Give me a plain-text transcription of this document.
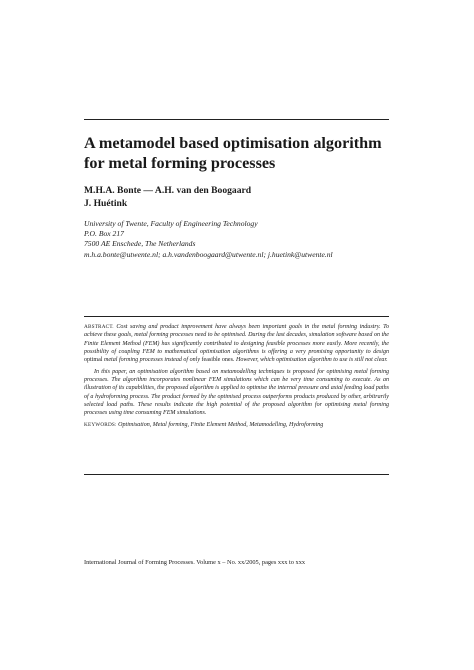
A metamodel based optimisation algorithm
for metal forming processes
M.H.A. Bonte — A.H. van den Boogaard
J. Huétink
University of Twente, Faculty of Engineering Technology
P.O. Box 217
7500 AE Enschede, The Netherlands
m.h.a.bonte@utwente.nl; a.h.vandenboogaard@utwente.nl; j.huetink@utwente.nl

ABSTRACT. Cost saving and product improvement have always been important goals in the metal forming industry. To achieve these goals, metal forming processes need to be optimised. During the last decades, simulation software based on the Finite Element Method (FEM) has significantly contributed to designing feasible processes more easily. More recently, the possibility of coupling FEM to mathematical optimisation algorithms is offering a very promising opportunity to design optimal metal forming processes instead of only feasible ones. However, which optimisation algorithm to use is still not clear.

In this paper, an optimisation algorithm based on metamodelling techniques is proposed for optimising metal forming processes. The algorithm incorporates nonlinear FEM simulations which can be very time consuming to execute. As an illustration of its capabilities, the proposed algorithm is applied to optimise the internal pressure and axial feeding load paths of a hydroforming process. The product formed by the optimised process outperforms products produced by other, arbitrarily selected load paths. These results indicate the high potential of the proposed algorithm for optimising metal forming processes using time consuming FEM simulations.

KEYWORDS: Optimisation, Metal forming, Finite Element Method, Metamodelling, Hydroforming

International Journal of Forming Processes. Volume x – No. xx/2005, pages xxx to xxx
